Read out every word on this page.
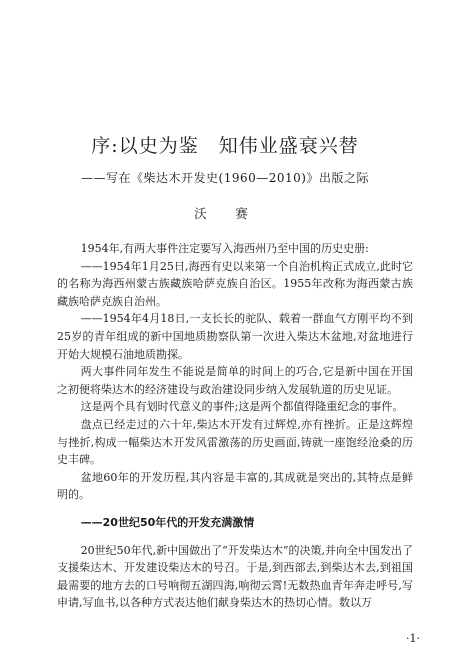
序:以史为鉴　知伟业盛衰兴替
——写在《柴达木开发史(1960—2010)》出版之际
沃　赛

1954年,有两大事件注定要写入海西州乃至中国的历史史册:

——1954年1月25日,海西有史以来第一个自治机构正式成立,此时它的名称为海西州蒙古族藏族哈萨克族自治区。1955年改称为海西蒙古族藏族哈萨克族自治州。

——1954年4月18日,一支长长的驼队、载着一群血气方刚平均不到25岁的青年组成的新中国地质勘察队第一次进入柴达木盆地,对盆地进行开始大规模石油地质勘探。

两大事件同年发生不能说是简单的时间上的巧合,它是新中国在开国之初便将柴达木的经济建设与政治建设同步纳入发展轨道的历史见证。

这是两个具有划时代意义的事件;这是两个都值得隆重纪念的事件。

盘点已经走过的六十年,柴达木开发有过辉煌,亦有挫折。正是这辉煌与挫折,构成一幅柴达木开发风雷激荡的历史画面,铸就一座饱经沧桑的历史丰碑。

盆地60年的开发历程,其内容是丰富的,其成就是突出的,其特点是鲜明的。

——20世纪50年代的开发充满激情

20世纪50年代,新中国做出了“开发柴达木”的决策,并向全中国发出了支援柴达木、开发建设柴达木的号召。于是,到西部去,到柴达木去,到祖国最需要的地方去的口号响彻五湖四海,响彻云霄!无数热血青年奔走呼号,写申请,写血书,以各种方式表达他们献身柴达木的热切心情。数以万

·1·
